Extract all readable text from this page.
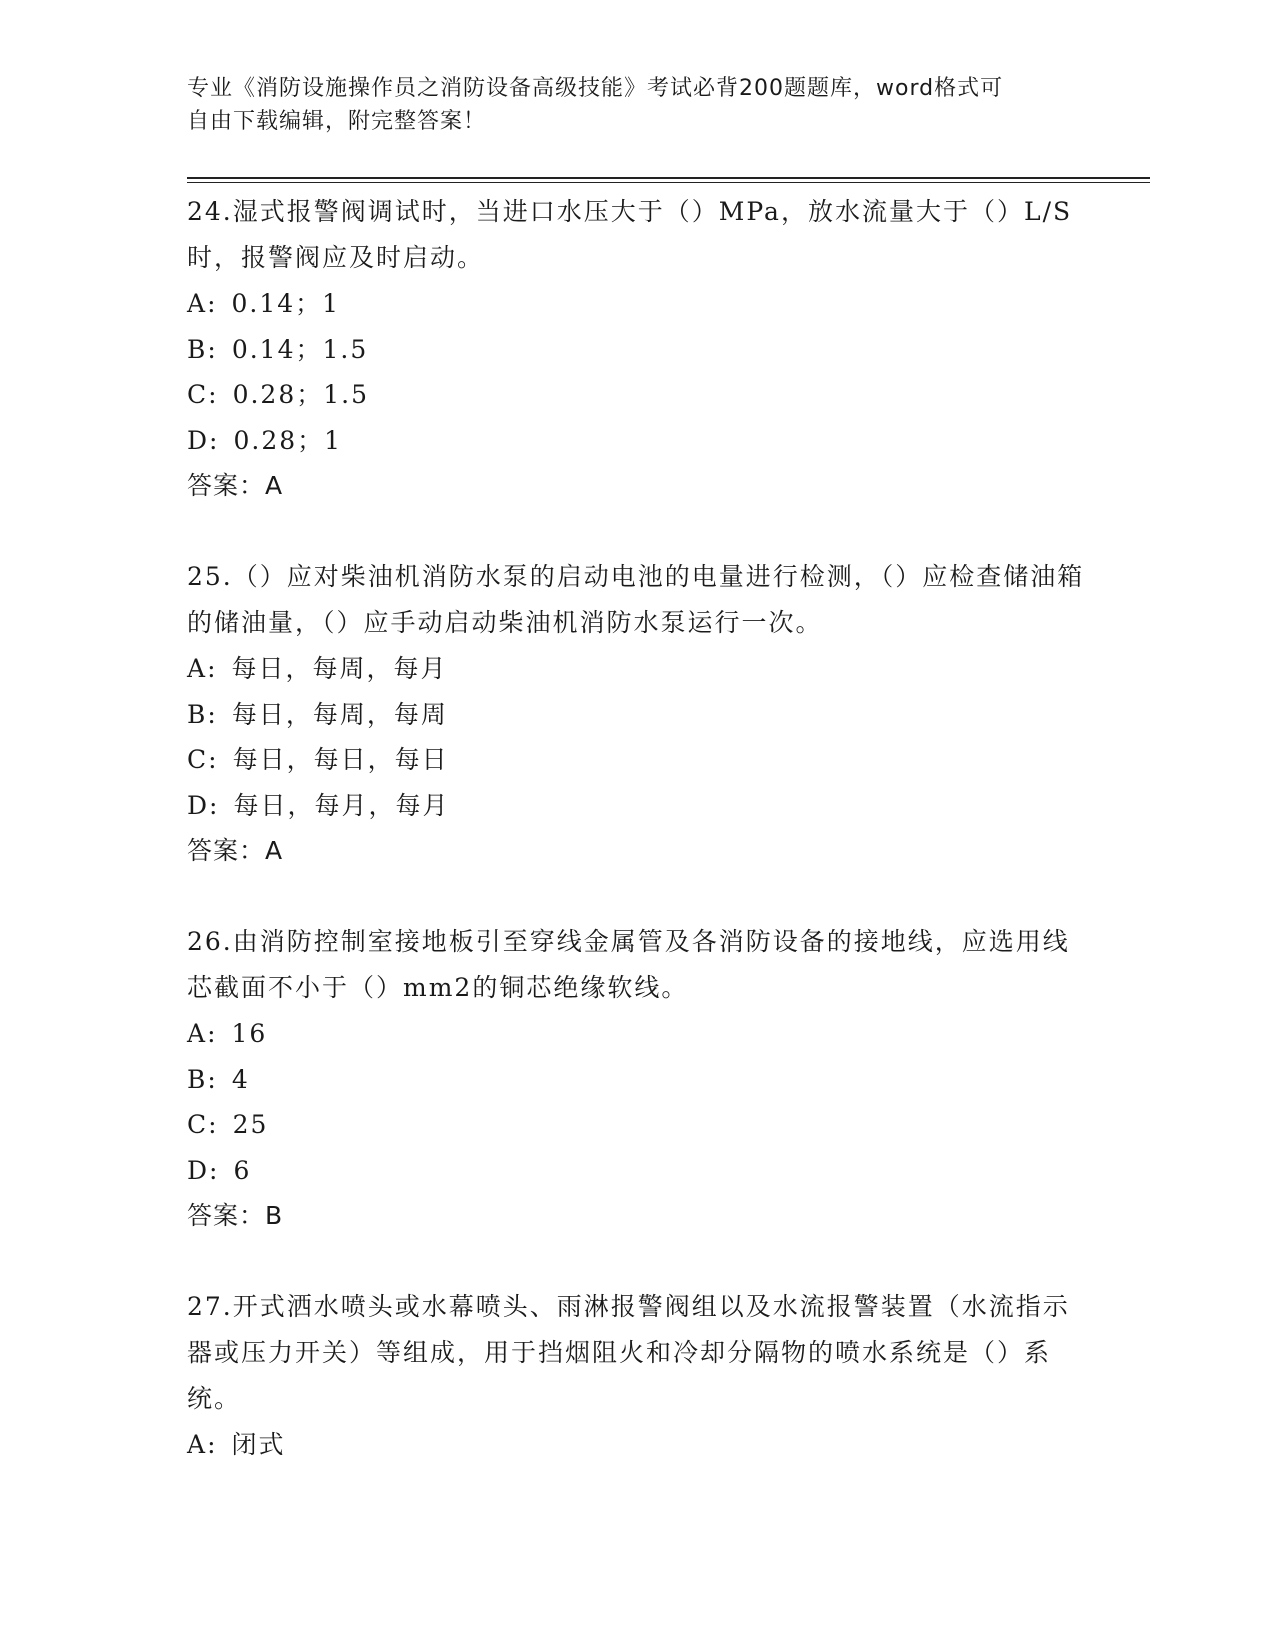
专业《消防设施操作员之消防设备高级技能》考试必背200题题库，word格式可
自由下载编辑，附完整答案！

24.湿式报警阀调试时，当进口水压大于（）MPa，放水流量大于（）L/S时，报警阀应及时启动。

A: 0.14；1

B: 0.14；1.5

C: 0.28；1.5

D: 0.28；1

答案：A

25.（）应对柴油机消防水泵的启动电池的电量进行检测，（）应检查储油箱的储油量，（）应手动启动柴油机消防水泵运行一次。

A: 每日，每周，每月

B: 每日，每周，每周

C: 每日，每日，每日

D: 每日，每月，每月

答案：A

26.由消防控制室接地板引至穿线金属管及各消防设备的接地线，应选用线芯截面不小于（）mm2的铜芯绝缘软线。

A: 16

B: 4

C: 25

D: 6

答案：B

27.开式洒水喷头或水幕喷头、雨淋报警阀组以及水流报警装置（水流指示器或压力开关）等组成，用于挡烟阻火和冷却分隔物的喷水系统是（）系统。

A: 闭式
